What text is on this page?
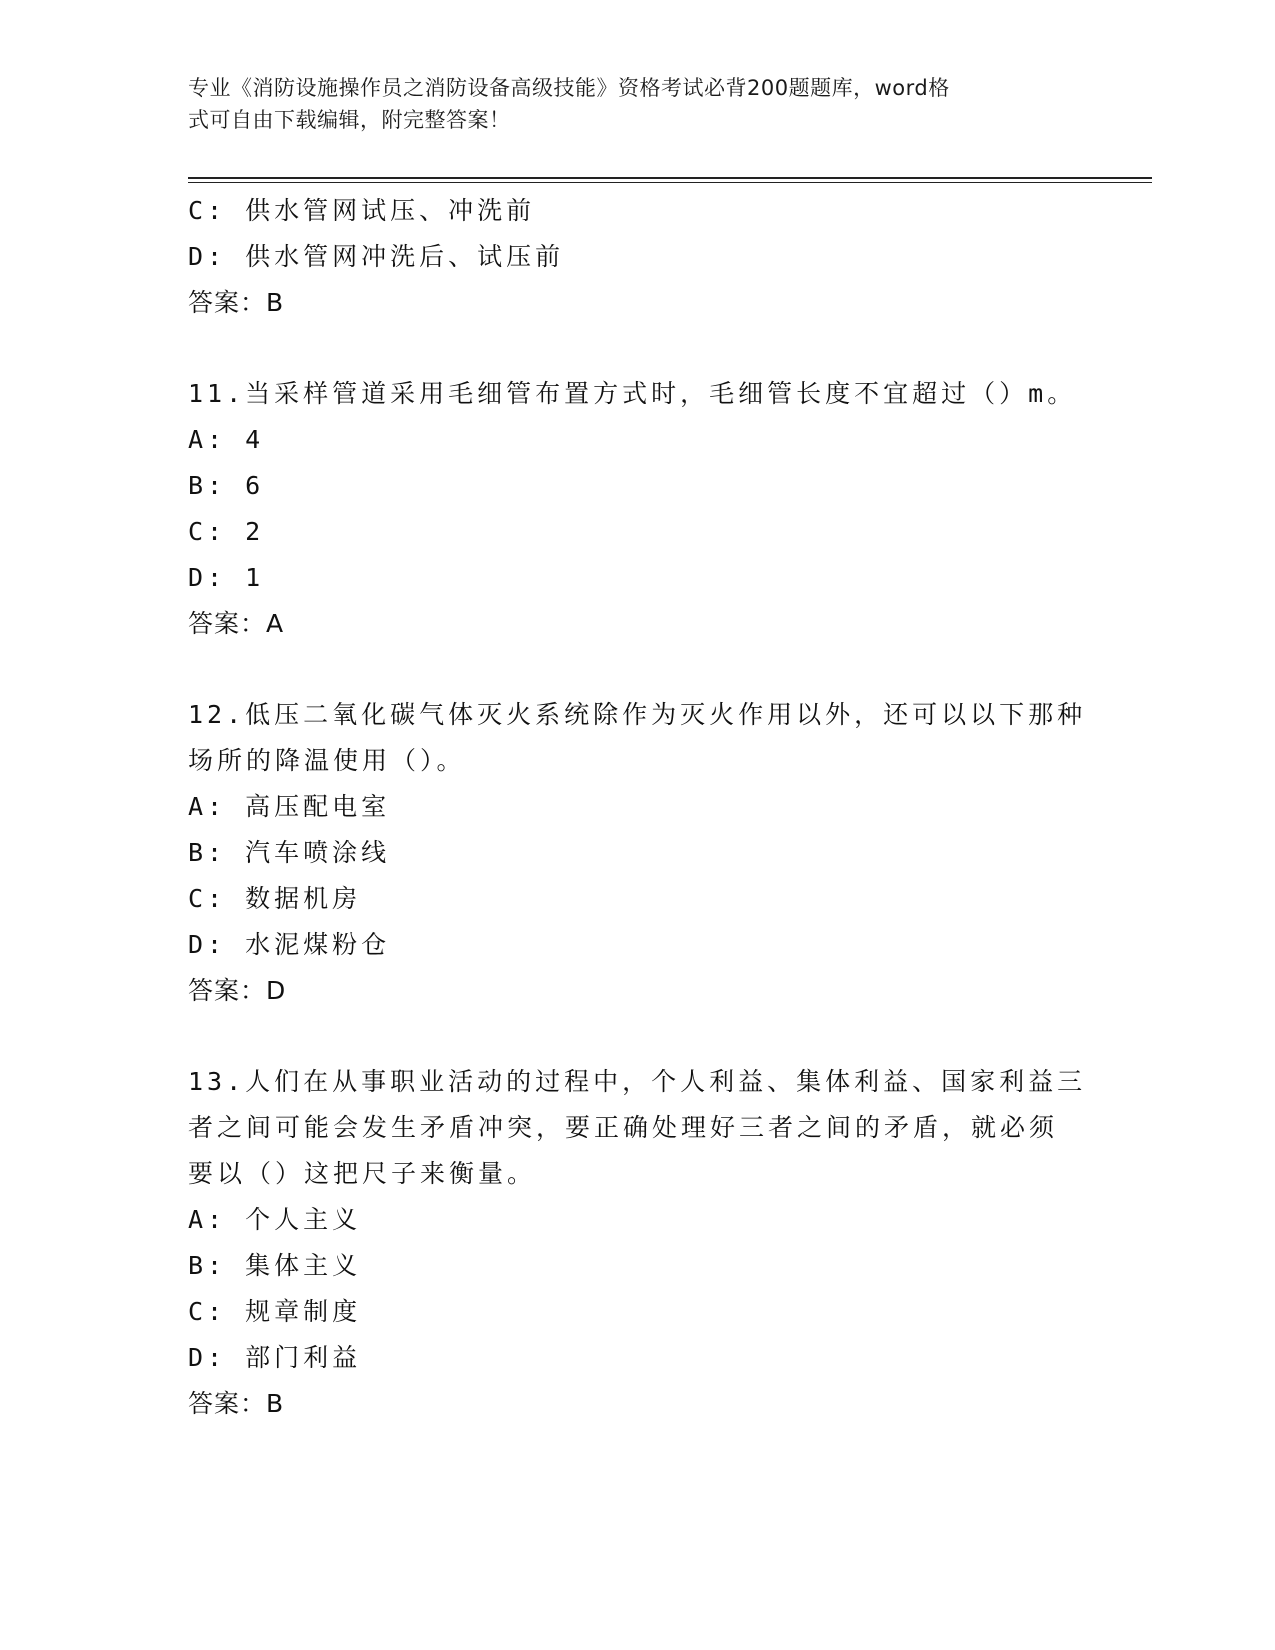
专业《消防设施操作员之消防设备高级技能》资格考试必背200题题库，word格
式可自由下载编辑，附完整答案！
C: 供水管网试压、冲洗前
D: 供水管网冲洗后、试压前
答案：B
11.当采样管道采用毛细管布置方式时，毛细管长度不宜超过（）m。
A: 4
B: 6
C: 2
D: 1
答案：A
12.低压二氧化碳气体灭火系统除作为灭火作用以外，还可以以下那种
场所的降温使用（）。
A: 高压配电室
B: 汽车喷涂线
C: 数据机房
D: 水泥煤粉仓
答案：D
13.人们在从事职业活动的过程中，个人利益、集体利益、国家利益三
者之间可能会发生矛盾冲突，要正确处理好三者之间的矛盾，就必须
要以（）这把尺子来衡量。
A: 个人主义
B: 集体主义
C: 规章制度
D: 部门利益
答案：B
